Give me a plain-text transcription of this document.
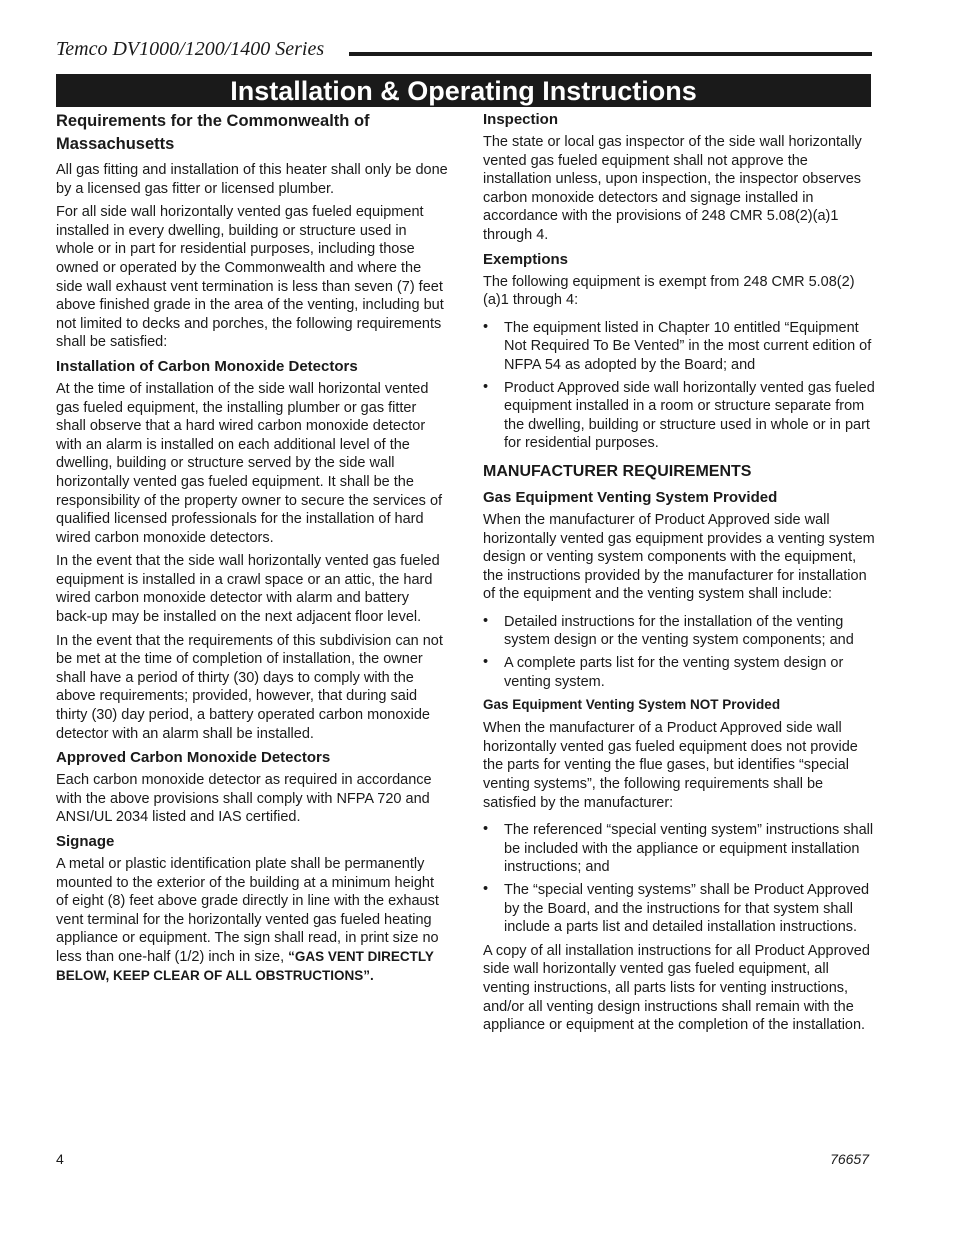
Temco DV1000/1200/1400 Series
Installation & Operating Instructions
Requirements for the Commonwealth of Massachusetts

All gas fitting and installation of this heater shall only be done by a licensed gas fitter or licensed plumber.

For all side wall horizontally vented gas fueled equipment installed in every dwelling, building or structure used in whole or in part for residential purposes, including those owned or operated by the Commonwealth and where the side wall exhaust vent termination is less than seven (7) feet above finished grade in the area of the venting, including but not limited to decks and porches, the following requirements shall be satisfied:

Installation of Carbon Monoxide Detectors

At the time of installation of the side wall horizontal vented gas fueled equipment, the installing plumber or gas fitter shall observe that a hard wired carbon monoxide detector with an alarm is installed on each additional level of the dwelling, building or structure served by the side wall horizontally vented gas fueled equipment. It shall be the responsibility of the property owner to secure the services of qualified licensed professionals for the installation of hard wired carbon monoxide detectors.

In the event that the side wall horizontally vented gas fueled equipment is installed in a crawl space or an attic, the hard wired carbon monoxide detector with alarm and battery back-up may be installed on the next adjacent floor level.

In the event that the requirements of this subdivision can not be met at the time of completion of installation, the owner shall have a period of thirty (30) days to comply with the above requirements; provided, however, that during said thirty (30) day period, a battery operated carbon monoxide detector with an alarm shall be installed.

Approved Carbon Monoxide Detectors

Each carbon monoxide detector as required in accordance with the above provisions shall comply with NFPA 720 and ANSI/UL 2034 listed and IAS certified.

Signage

A metal or plastic identification plate shall be permanently mounted to the exterior of the building at a minimum height of eight (8) feet above grade directly in line with the exhaust vent terminal for the horizontally vented gas fueled heating appliance or equipment. The sign shall read, in print size no less than one-half (1/2) inch in size, “GAS VENT DIRECTLY BELOW, KEEP CLEAR OF ALL OBSTRUCTIONS”.

Inspection

The state or local gas inspector of the side wall horizontally vented gas fueled equipment shall not approve the installation unless, upon inspection, the inspector observes carbon monoxide detectors and signage installed in accordance with the provisions of 248 CMR 5.08(2)(a)1 through 4.

Exemptions

The following equipment is exempt from 248 CMR 5.08(2)(a)1 through 4:

• The equipment listed in Chapter 10 entitled “Equipment Not Required To Be Vented” in the most current edition of NFPA 54 as adopted by the Board; and
• Product Approved side wall horizontally vented gas fueled equipment installed in a room or structure separate from the dwelling, building or structure used in whole or in part for residential purposes.
MANUFACTURER REQUIREMENTS
Gas Equipment Venting System Provided

When the manufacturer of Product Approved side wall horizontally vented gas equipment provides a venting system design or venting system components with the equipment, the instructions provided by the manufacturer for installation of the equipment and the venting system shall include:

• Detailed instructions for the installation of the venting system design or the venting system components; and
• A complete parts list for the venting system design or venting system.
Gas Equipment Venting System NOT Provided

When the manufacturer of a Product Approved side wall horizontally vented gas fueled equipment does not provide the parts for venting the flue gases, but identifies “special venting systems”, the following requirements shall be satisfied by the manufacturer:

• The referenced “special venting system” instructions shall be included with the appliance or equipment installation instructions; and
• The “special venting systems” shall be Product Approved by the Board, and the instructions for that system shall include a parts list and detailed installation instructions.

A copy of all installation instructions for all Product Approved side wall horizontally vented gas fueled equipment, all venting instructions, all parts lists for venting instructions, and/or all venting design instructions shall remain with the appliance or equipment at the completion of the installation.

4	76657
